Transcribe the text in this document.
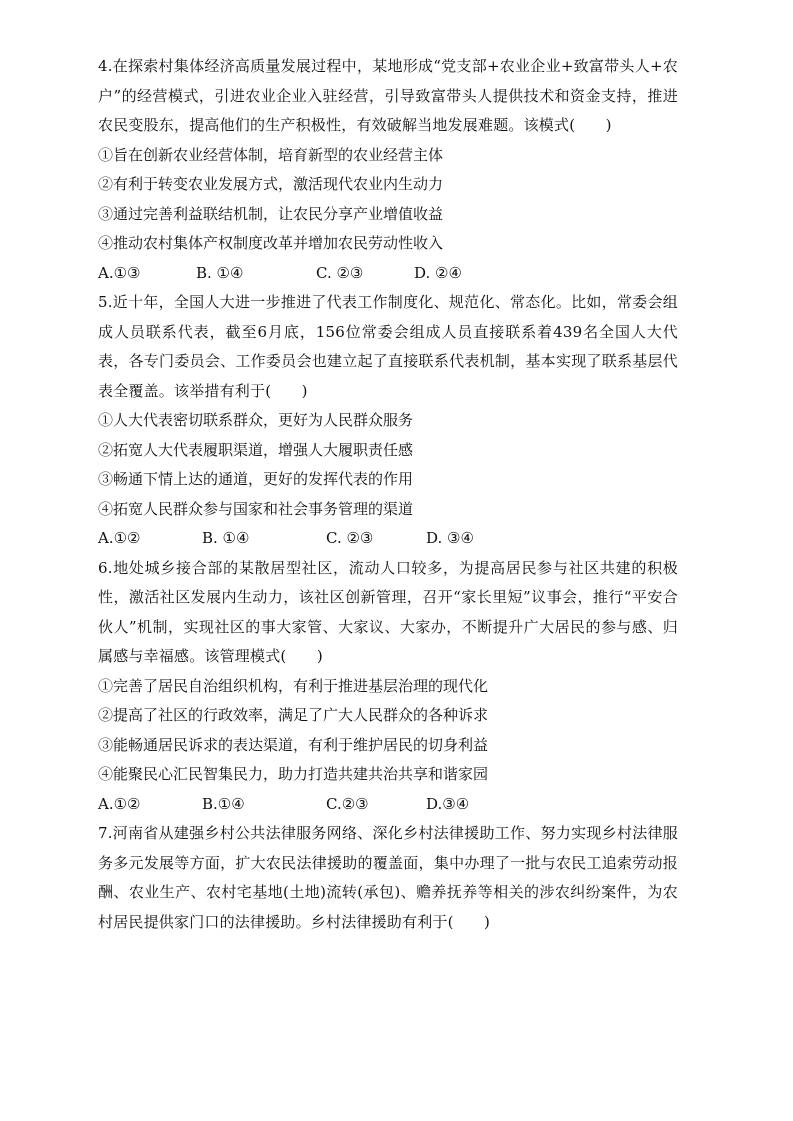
4.在探索村集体经济高质量发展过程中，某地形成“党支部+农业企业+致富带头人+农户”的经营模式，引进农业企业入驻经营，引导致富带头人提供技术和资金支持，推进农民变股东，提高他们的生产积极性，有效破解当地发展难题。该模式(　　)

①旨在创新农业经营体制，培育新型的农业经营主体

②有利于转变农业发展方式，激活现代农业内生动力

③通过完善利益联结机制，让农民分享产业增值收益

④推动农村集体产权制度改革并增加农民劳动性收入

A.①③	B. ①④	C. ②③	D. ②④

5.近十年，全国人大进一步推进了代表工作制度化、规范化、常态化。比如，常委会组成人员联系代表，截至6月底，156位常委会组成人员直接联系着439名全国人大代表，各专门委员会、工作委员会也建立起了直接联系代表机制，基本实现了联系基层代表全覆盖。该举措有利于(　　)

①人大代表密切联系群众，更好为人民群众服务

②拓宽人大代表履职渠道，增强人大履职责任感

③畅通下情上达的通道，更好的发挥代表的作用

④拓宽人民群众参与国家和社会事务管理的渠道

A.①②	B. ①④	C. ②③	D. ③④

6.地处城乡接合部的某散居型社区，流动人口较多，为提高居民参与社区共建的积极性，激活社区发展内生动力，该社区创新管理，召开“家长里短”议事会，推行“平安合伙人”机制，实现社区的事大家管、大家议、大家办，不断提升广大居民的参与感、归属感与幸福感。该管理模式(　　)

①完善了居民自治组织机构，有利于推进基层治理的现代化

②提高了社区的行政效率，满足了广大人民群众的各种诉求

③能畅通居民诉求的表达渠道，有利于维护居民的切身利益

④能聚民心汇民智集民力，助力打造共建共治共享和谐家园

A.①②	B.①④	C.②③	D.③④

7.河南省从建强乡村公共法律服务网络、深化乡村法律援助工作、努力实现乡村法律服务多元发展等方面，扩大农民法律援助的覆盖面，集中办理了一批与农民工追索劳动报酬、农业生产、农村宅基地(土地)流转(承包)、赡养抚养等相关的涉农纠纷案件，为农村居民提供家门口的法律援助。乡村法律援助有利于(　　)
